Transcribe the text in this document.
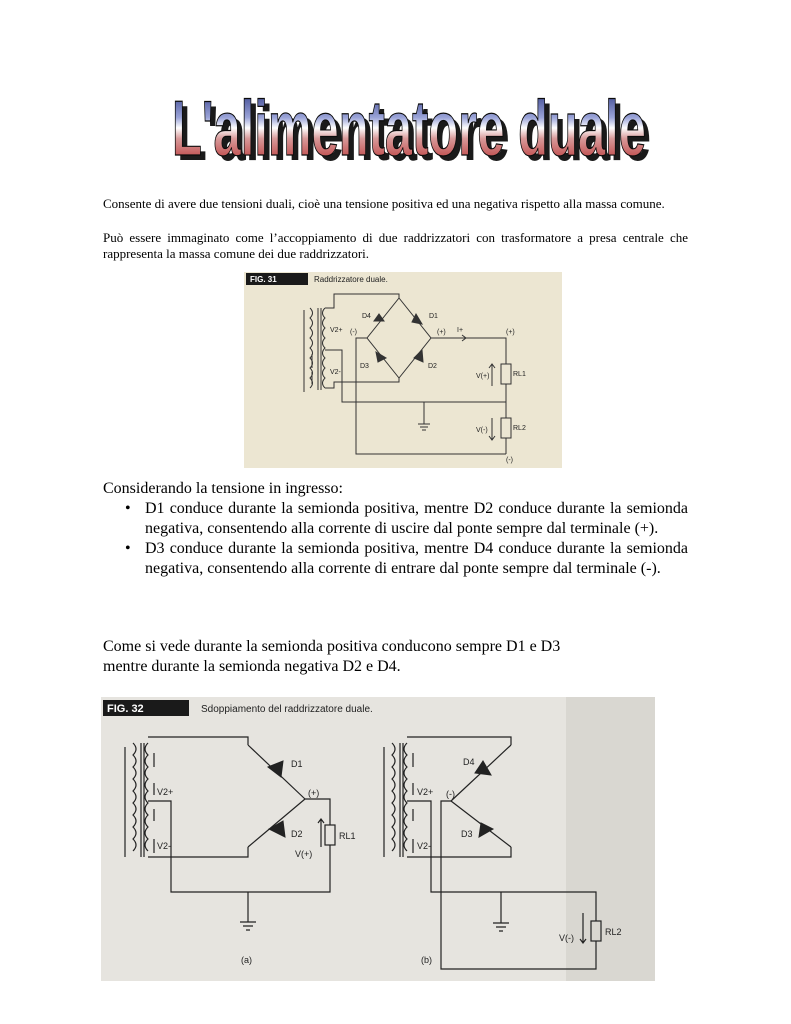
L'alimentatore duale
L'alimentatore duale

Consente di avere due tensioni duali, cioè una tensione positiva ed una negativa rispetto alla massa comune.

Può essere immaginato come l’accoppiamento di due raddrizzatori con trasformatore a presa centrale che rappresenta la massa comune dei due raddrizzatori.

FIG. 31	Raddrizzatore duale.
D4	D1
D3	D2
(-)	(+) I+	(+)
(-)
V(+)
V(-)
RL1
RL2
V2+
V2-

Considerando la tensione in ingresso:

• D1 conduce durante la semionda positiva, mentre D2 conduce durante la semionda negativa, consentendo alla corrente di uscire dal ponte sempre dal terminale (+).
• D3 conduce durante la semionda positiva, mentre D4 conduce durante la semionda negativa, consentendo alla corrente di entrare dal ponte sempre dal terminale (-).

Come si vede durante la semionda positiva conducono sempre D1 e D3
mentre durante la semionda negativa D2 e D4.

FIG. 32	Sdoppiamento del raddrizzatore duale.
D1
D2
(+)
V(+)
RL1
V2+
V2-
(a)
D4
D3
(-)
V(-)
RL2
V2+
V2-
(b)
